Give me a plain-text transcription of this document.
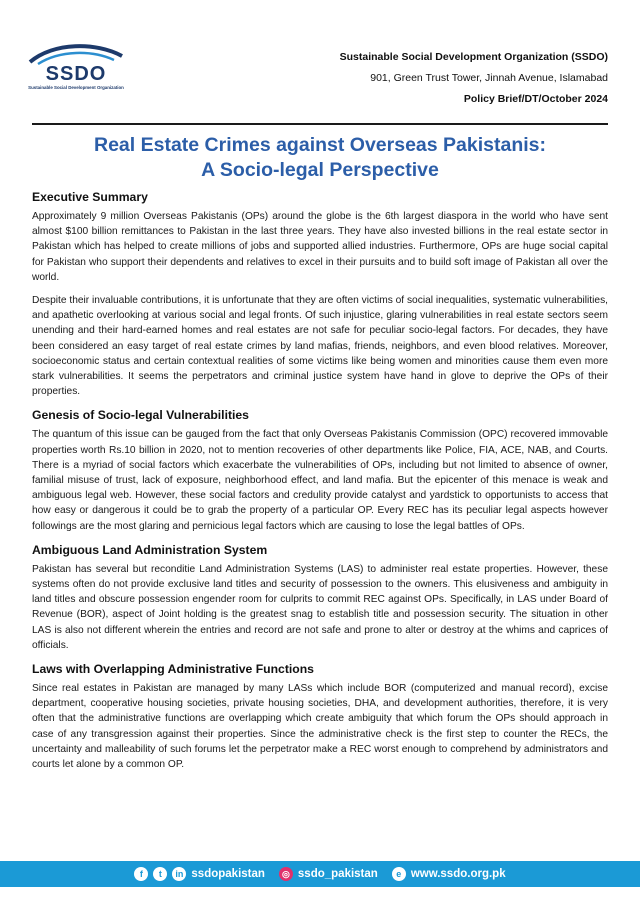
SSDO
Sustainable Social Development Organization
Sustainable Social Development Organization (SSDO)
901, Green Trust Tower, Jinnah Avenue, Islamabad
Policy Brief/DT/October 2024
Real Estate Crimes against Overseas Pakistanis:
A Socio-legal Perspective
Executive Summary

Approximately 9 million Overseas Pakistanis (OPs) around the globe is the 6th largest diaspora in the world who have sent almost $100 billion remittances to Pakistan in the last three years. They have also invested billions in the real estate sector in Pakistan which has helped to create millions of jobs and supported allied industries. Furthermore, OPs are huge social capital for Pakistan who support their dependents and relatives to excel in their pursuits and to build soft image of Pakistan all over the world.

Despite their invaluable contributions, it is unfortunate that they are often victims of social inequalities, systematic vulnerabilities, and apathetic overlooking at various social and legal fronts. Of such injustice, glaring vulnerabilities in real estate sectors seem unending and their hard-earned homes and real estates are not safe for peculiar socio-legal factors. For decades, they have been considered an easy target of real estate crimes by land mafias, friends, neighbors, and even blood relatives. Moreover, socioeconomic status and certain contextual realities of some victims like being women and minorities cause them even more stark vulnerabilities. It seems the perpetrators and criminal justice system have hand in glove to deprive the OPs of their properties.

Genesis of Socio-legal Vulnerabilities

The quantum of this issue can be gauged from the fact that only Overseas Pakistanis Commission (OPC) recovered immovable properties worth Rs.10 billion in 2020, not to mention recoveries of other departments like Police, FIA, ACE, NAB, and Courts. There is a myriad of social factors which exacerbate the vulnerabilities of OPs, including but not limited to absence of owner, familial misuse of trust, lack of exposure, neighborhood effect, and land mafia. But the epicenter of this menace is weak and ambiguous legal web. However, these social factors and credulity provide catalyst and yardstick to opportunists to access that how easy or dangerous it could be to grab the property of a particular OP. Every REC has its peculiar legal aspects however followings are the most glaring and pernicious legal factors which are causing to lose the legal battles of OPs.

Ambiguous Land Administration System

Pakistan has several but reconditie Land Administration Systems (LAS) to administer real estate properties. However, these systems often do not provide exclusive land titles and security of possession to the owners. This elusiveness and ambiguity in land titles and obscure possession engender room for culprits to commit REC against OPs. Specifically, in LAS under Board of Revenue (BOR), aspect of Joint holding is the greatest snag to establish title and possession security. The situation in other LAS is also not different wherein the entries and record are not safe and prone to alter or destroy at the whims and caprices of officials.

Laws with Overlapping Administrative Functions

Since real estates in Pakistan are managed by many LASs which include BOR (computerized and manual record), excise department, cooperative housing societies, private housing societies, DHA, and development authorities, therefore, it is very often that the administrative functions are overlapping which create ambiguity that which forum the OPs should approach in case of any transgression against their properties. Since the administrative check is the first step to counter the RECs, the uncertainty and malleability of such forums let the perpetrator make a REC worst enough to comprehend by administrators and courts let alone by a common OP.

f	t	in ssdopakistan	◎ ssdo_pakistan	e www.ssdo.org.pk
